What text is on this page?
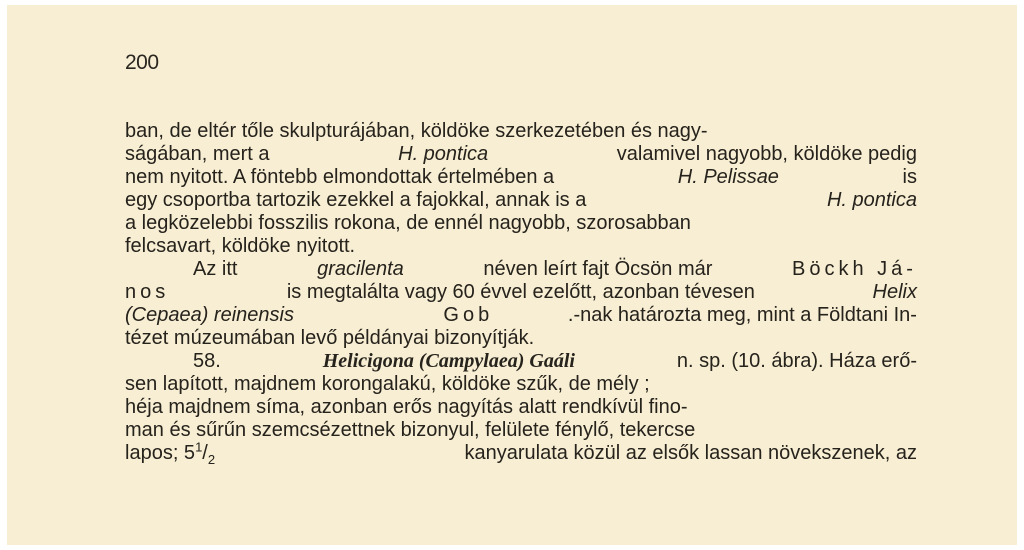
200
ban, de eltér tőle skulpturájában, köldöke szerkezetében és nagy-
ságában, mert a	H. pontica	valamivel nagyobb, köldöke pedig
nem nyitott. A föntebb elmondottak értelmében a	H. Pelissae	is
egy csoportba tartozik ezekkel a fajokkal, annak is a	H. pontica
a legközelebbi fosszilis rokona, de ennél nagyobb, szorosabban
felcsavart, köldöke nyitott.
Az itt	gracilenta	néven leírt fajt Öcsön már	Böckh Já-
nos	is megtalálta vagy 60 évvel ezelőtt, azonban tévesen	Helix
(Cepaea) reinensis	Gob	.-nak határozta meg, mint a Földtani In-
tézet múzeumában levő példányai bizonyítják.
58.	Helicigona (Campylaea) Gaáli	n. sp. (10. ábra). Háza erő-
sen lapított, majdnem korongalakú, köldöke szűk, de mély ;
héja majdnem síma, azonban erős nagyítás alatt rendkívül fino-
man és sűrűn szemcsézettnek bizonyul, felülete fénylő, tekercse
lapos; $5^1/_2$	kanyarulata közül az elsők lassan növekszenek, az
